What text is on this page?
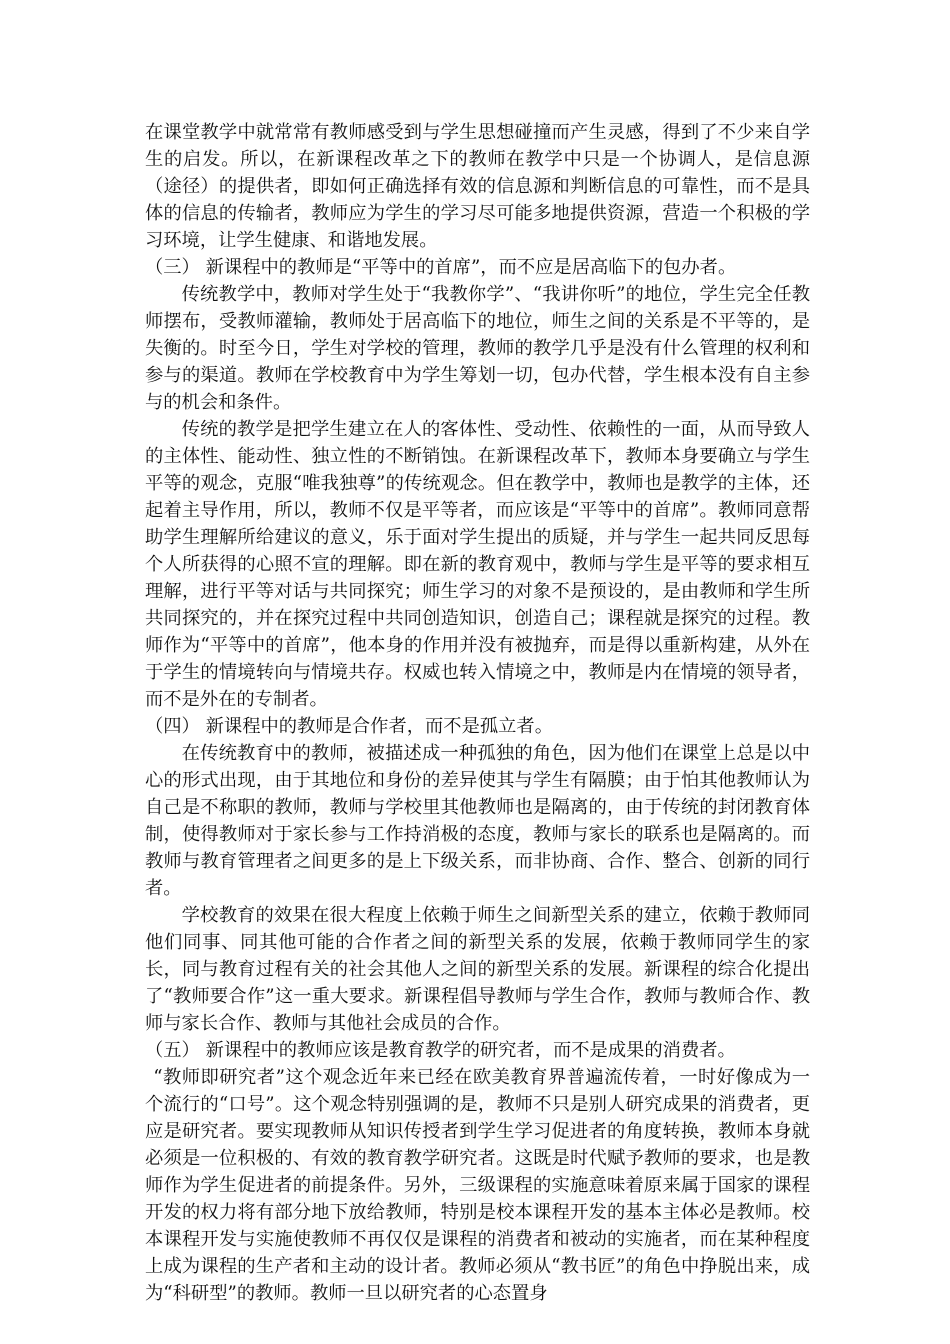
在课堂教学中就常常有教师感受到与学生思想碰撞而产生灵感，得到了不少来自学生的启发。所以，在新课程改革之下的教师在教学中只是一个协调人，是信息源（途径）的提供者，即如何正确选择有效的信息源和判断信息的可靠性，而不是具体的信息的传输者，教师应为学生的学习尽可能多地提供资源，营造一个积极的学习环境，让学生健康、和谐地发展。

（三） 新课程中的教师是“平等中的首席”，而不应是居高临下的包办者。

传统教学中，教师对学生处于“我教你学”、“我讲你听”的地位，学生完全任教师摆布，受教师灌输，教师处于居高临下的地位，师生之间的关系是不平等的，是失衡的。时至今日，学生对学校的管理，教师的教学几乎是没有什么管理的权利和参与的渠道。教师在学校教育中为学生筹划一切，包办代替，学生根本没有自主参与的机会和条件。

传统的教学是把学生建立在人的客体性、受动性、依赖性的一面，从而导致人的主体性、能动性、独立性的不断销蚀。在新课程改革下，教师本身要确立与学生平等的观念，克服“唯我独尊”的传统观念。但在教学中，教师也是教学的主体，还起着主导作用，所以，教师不仅是平等者，而应该是“平等中的首席”。教师同意帮助学生理解所给建议的意义，乐于面对学生提出的质疑，并与学生一起共同反思每个人所获得的心照不宣的理解。即在新的教育观中，教师与学生是平等的要求相互理解，进行平等对话与共同探究；师生学习的对象不是预设的，是由教师和学生所共同探究的，并在探究过程中共同创造知识，创造自己；课程就是探究的过程。教师作为“平等中的首席”，他本身的作用并没有被抛弃，而是得以重新构建，从外在于学生的情境转向与情境共存。权威也转入情境之中，教师是内在情境的领导者，而不是外在的专制者。

（四） 新课程中的教师是合作者，而不是孤立者。

在传统教育中的教师，被描述成一种孤独的角色，因为他们在课堂上总是以中心的形式出现，由于其地位和身份的差异使其与学生有隔膜；由于怕其他教师认为自己是不称职的教师，教师与学校里其他教师也是隔离的，由于传统的封闭教育体制，使得教师对于家长参与工作持消极的态度，教师与家长的联系也是隔离的。而教师与教育管理者之间更多的是上下级关系，而非协商、合作、整合、创新的同行者。

学校教育的效果在很大程度上依赖于师生之间新型关系的建立，依赖于教师同他们同事、同其他可能的合作者之间的新型关系的发展，依赖于教师同学生的家长，同与教育过程有关的社会其他人之间的新型关系的发展。新课程的综合化提出了“教师要合作”这一重大要求。新课程倡导教师与学生合作，教师与教师合作、教师与家长合作、教师与其他社会成员的合作。

（五） 新课程中的教师应该是教育教学的研究者，而不是成果的消费者。

“教师即研究者”这个观念近年来已经在欧美教育界普遍流传着，一时好像成为一个流行的“口号”。这个观念特别强调的是，教师不只是别人研究成果的消费者，更应是研究者。要实现教师从知识传授者到学生学习促进者的角度转换，教师本身就必须是一位积极的、有效的教育教学研究者。这既是时代赋予教师的要求，也是教师作为学生促进者的前提条件。另外，三级课程的实施意味着原来属于国家的课程开发的权力将有部分地下放给教师，特别是校本课程开发的基本主体必是教师。校本课程开发与实施使教师不再仅仅是课程的消费者和被动的实施者，而在某种程度上成为课程的生产者和主动的设计者。教师必须从“教书匠”的角色中挣脱出来，成为“科研型”的教师。教师一旦以研究者的心态置身
